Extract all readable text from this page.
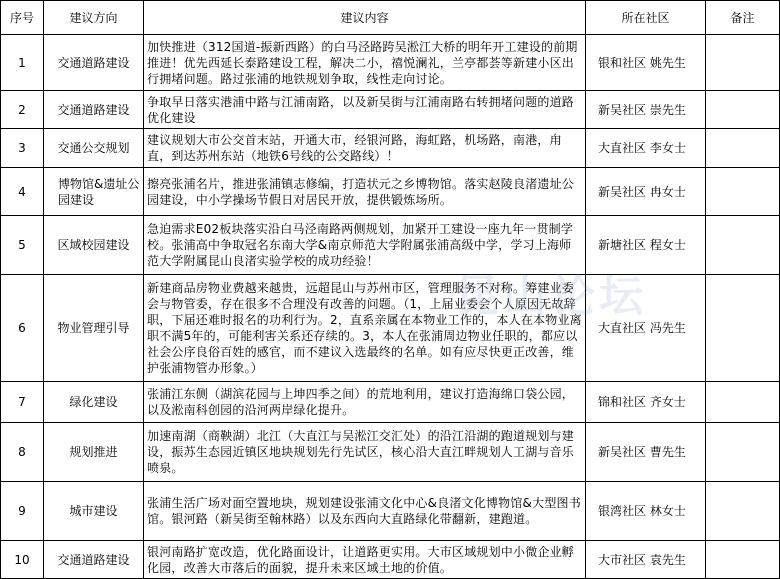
序号	建议方向	建议内容	所在社区	备注
1	交通道路建设	加快推进（312国道-振新西路）的白马泾路跨吴淞江大桥的明年开工建设的前期推进！优先西延长泰路建设工程，解决二小，禧悦澜礼，兰亭都荟等新建小区出行拥堵问题。路过张浦的地铁规划争取，线性走向讨论。	银和社区 姚先生	
2	交通道路建设	争取早日落实港浦中路与江浦南路，以及新吴街与江浦南路右转拥堵问题的道路优化建设	新吴社区 崇先生	
3	交通公交规划	建议规划大市公交首末站，开通大市，经银河路，海虹路，机场路，南港，甪直，到达苏州东站（地铁6号线的公交路线）！	大直社区 李女士	
4	博物馆&遗址公园建设	擦亮张浦名片，推进张浦镇志修编，打造状元之乡博物馆。落实赵陵良渚遗址公园建设，中小学操场节假日对居民开放，提供锻炼场所。	新吴社区 冉女士	
5	区域校园建设	急迫需求E02板块落实沿白马泾南路两侧规划，加紧开工建设一座九年一贯制学校。张浦高中争取冠名东南大学&南京师范大学附属张浦高级中学，学习上海师范大学附属昆山良渚实验学校的成功经验！	新塘社区 程女士	
6	物业管理引导	新建商品房物业费越来越贵，远超昆山与苏州市区，管理服务不对称。筹建业委会与物管委，存在很多不合理没有改善的问题。（1，上届业委会个人原因无故辞职，下届还难时报名的功利行为。2，直系亲属在本物业工作的，本人在本物业离职不满5年的，可能利害关系还存续的。3，本人在张浦周边物业任职的，都应以社会公序良俗百姓的感官，而不建议入选最终的名单。如有应尽快更正改善，维护张浦物管办形象。）	大直社区 冯先生	
7	绿化建设	张浦江东侧（湖滨花园与上坤四季之间）的荒地利用，建议打造海绵口袋公园，以及淞南科创园的沿河两岸绿化提升。	锦和社区 齐女士	
8	规划推进	加速南湖（商鞅湖）北江（大直江与吴淞江交汇处）的沿江沿湖的跑道规划与建设，振苏生态园近镇区地块规划先行先试区，核心沿大直江畔规划人工湖与音乐喷泉。	新吴社区 曹先生	
9	城市建设	张浦生活广场对面空置地块，规划建设张浦文化中心&良渚文化博物馆&大型图书馆。银河路（新吴街至翰林路）以及东西向大直路绿化带翻新，建跑道。	银湾社区 林女士	
10	交通道路建设	银河南路扩宽改造，优化路面设计，让道路更实用。大市区域规划中小微企业孵化园，改善大市落后的面貌，提升未来区域土地的价值。	大市社区 袁先生	
昆山论坛
